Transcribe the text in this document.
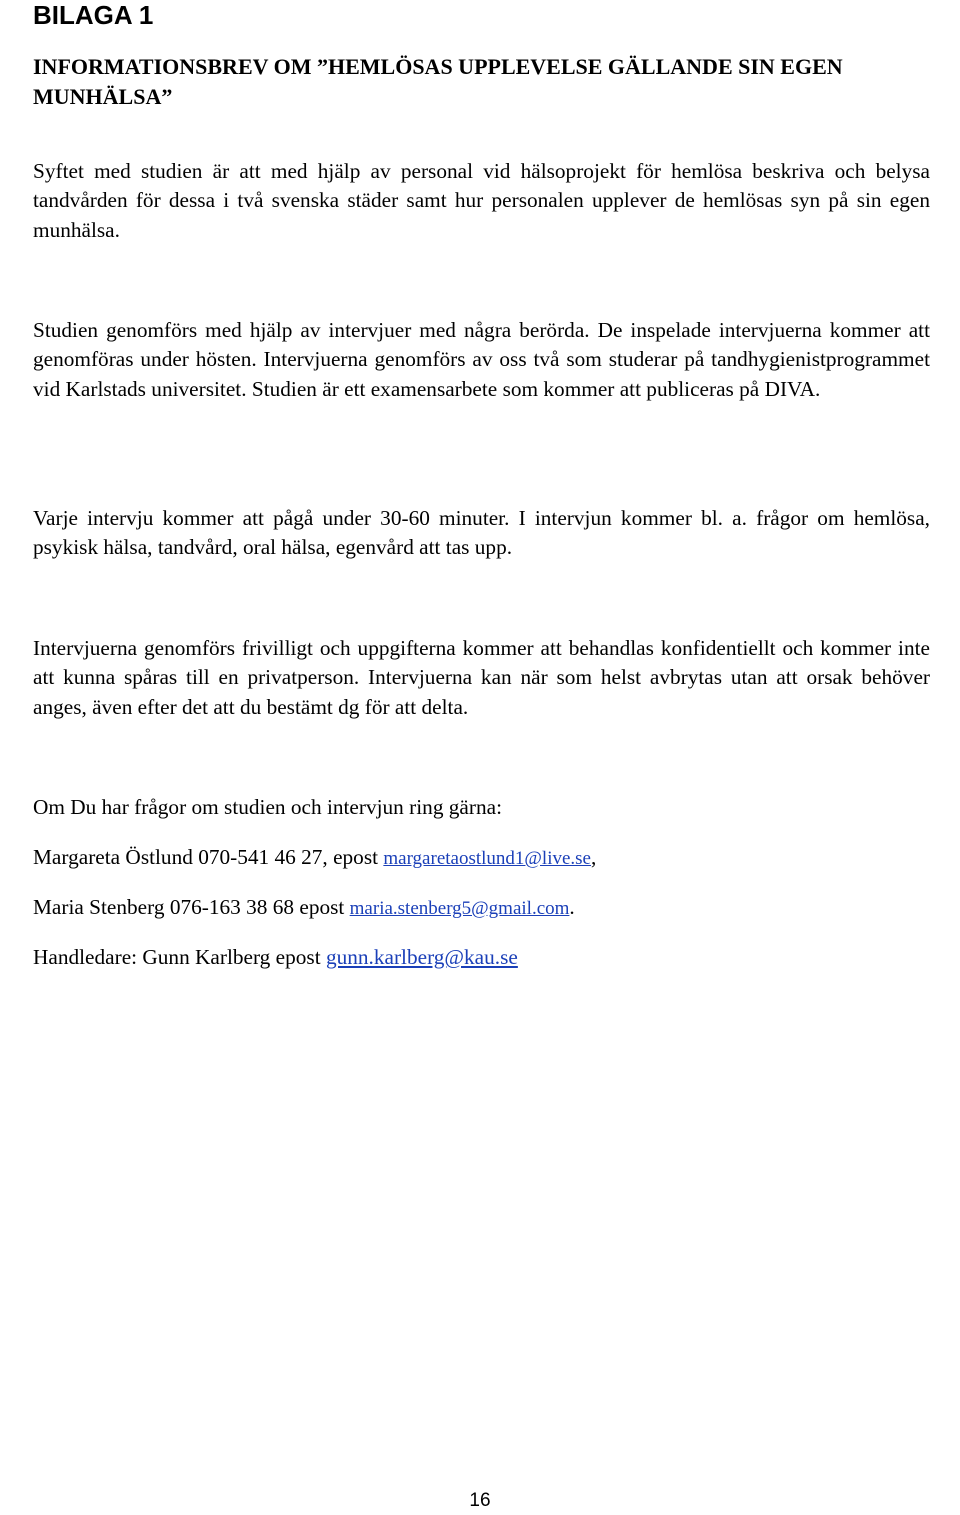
BILAGA 1
INFORMATIONSBREV OM ”HEMLÖSAS UPPLEVELSE GÄLLANDE SIN EGEN MUNHÄLSA”

Syftet med studien är att med hjälp av personal vid hälsoprojekt för hemlösa beskriva och belysa tandvården för dessa i två svenska städer samt hur personalen upplever de hemlösas syn på sin egen munhälsa.

Studien genomförs med hjälp av intervjuer med några berörda. De inspelade intervjuerna kommer att genomföras under hösten. Intervjuerna genomförs av oss två som studerar på tandhygienistprogrammet vid Karlstads universitet. Studien är ett examensarbete som kommer att publiceras på DIVA.

Varje intervju kommer att pågå under 30-60 minuter. I intervjun kommer bl. a. frågor om hemlösa, psykisk hälsa, tandvård, oral hälsa, egenvård att tas upp.

Intervjuerna genomförs frivilligt och uppgifterna kommer att behandlas konfidentiellt och kommer inte att kunna spåras till en privatperson. Intervjuerna kan när som helst avbrytas utan att orsak behöver anges, även efter det att du bestämt dg för att delta.

Om Du har frågor om studien och intervjun ring gärna:

Margareta Östlund 070-541 46 27, epost margaretaostlund1@live.se,

Maria Stenberg 076-163 38 68 epost maria.stenberg5@gmail.com.

Handledare: Gunn Karlberg epost gunn.karlberg@kau.se

16
